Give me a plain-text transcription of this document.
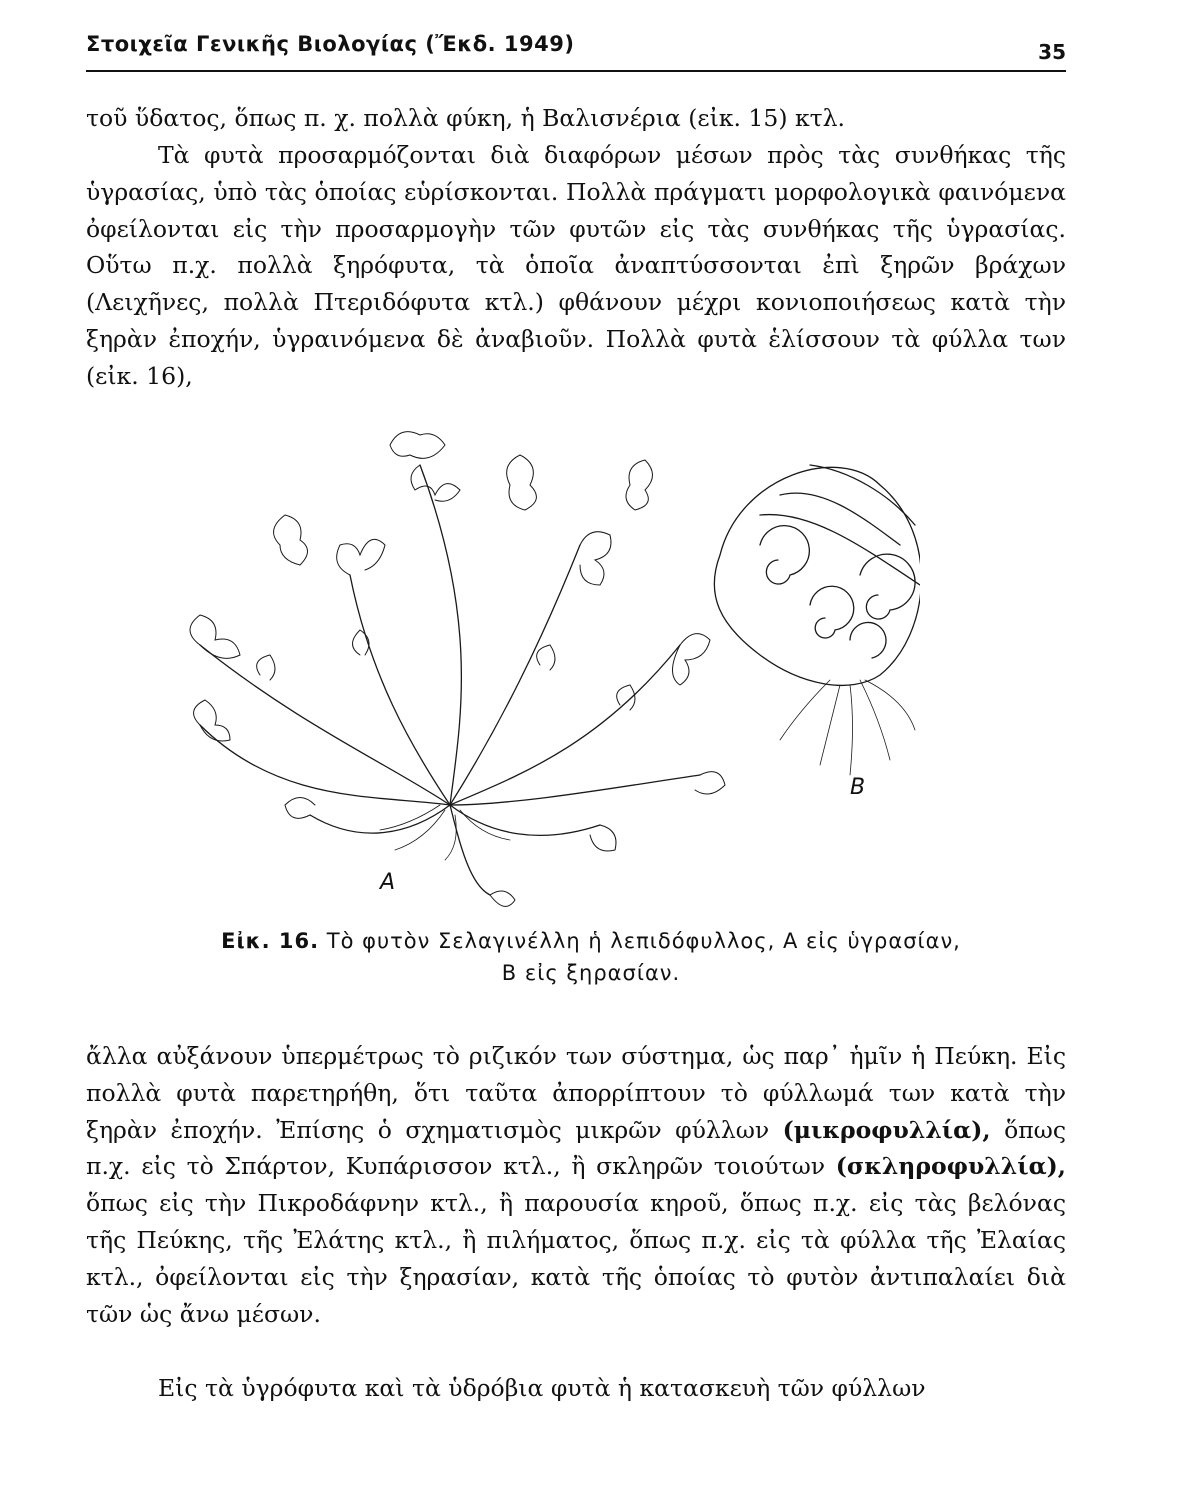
Στοιχεῖα Γενικῆς Βιολογίας (Ἔκδ. 1949)	35

τοῦ ὕδατος, ὅπως π. χ. πολλὰ φύκη, ἡ Βαλισνέρια (εἰκ. 15) κτλ.

Τὰ φυτὰ προσαρμόζονται διὰ διαφόρων μέσων πρὸς τὰς συνθήκας τῆς ὑγρασίας, ὑπὸ τὰς ὁποίας εὑρίσκονται. Πολλὰ πράγματι μορφολογικὰ φαινόμενα ὀφείλονται εἰς τὴν προσαρμογὴν τῶν φυτῶν εἰς τὰς συνθήκας τῆς ὑγρασίας. Οὕτω π.χ. πολλὰ ξηρόφυτα, τὰ ὁποῖα ἀναπτύσσονται ἐπὶ ξηρῶν βράχων (Λειχῆνες, πολλὰ Πτεριδόφυτα κτλ.) φθάνουν μέχρι κονιοποιήσεως κατὰ τὴν ξηρὰν ἐποχήν, ὑγραινόμενα δὲ ἀναβιοῦν. Πολλὰ φυτὰ ἑλίσσουν τὰ φύλλα των (εἰκ. 16),

A
B
Εἰκ. 16. Τὸ φυτὸν Σελαγινέλλη ἡ λεπιδόφυλλος, A εἰς ὑγρασίαν,
B εἰς ξηρασίαν.

ἄλλα αὐξάνουν ὑπερμέτρως τὸ ριζικόν των σύστημα, ὡς παρ᾿ ἡμῖν ἡ Πεύκη. Εἰς πολλὰ φυτὰ παρετηρήθη, ὅτι ταῦτα ἀπορρίπτουν τὸ φύλλωμά των κατὰ τὴν ξηρὰν ἐποχήν. Ἐπίσης ὁ σχηματισμὸς μικρῶν φύλλων (μικροφυλλία), ὅπως π.χ. εἰς τὸ Σπάρτον, Κυπάρισσον κτλ., ἢ σκληρῶν τοιούτων (σκληροφυλλία), ὅπως εἰς τὴν Πικροδάφνην κτλ., ἢ παρουσία κηροῦ, ὅπως π.χ. εἰς τὰς βελόνας τῆς Πεύκης, τῆς Ἐλάτης κτλ., ἢ πιλήματος, ὅπως π.χ. εἰς τὰ φύλλα τῆς Ἐλαίας κτλ., ὀφείλονται εἰς τὴν ξηρασίαν, κατὰ τῆς ὁποίας τὸ φυτὸν ἀντιπαλαίει διὰ τῶν ὡς ἄνω μέσων.

Εἰς τὰ ὑγρόφυτα καὶ τὰ ὑδρόβια φυτὰ ἡ κατασκευὴ τῶν φύλλων
